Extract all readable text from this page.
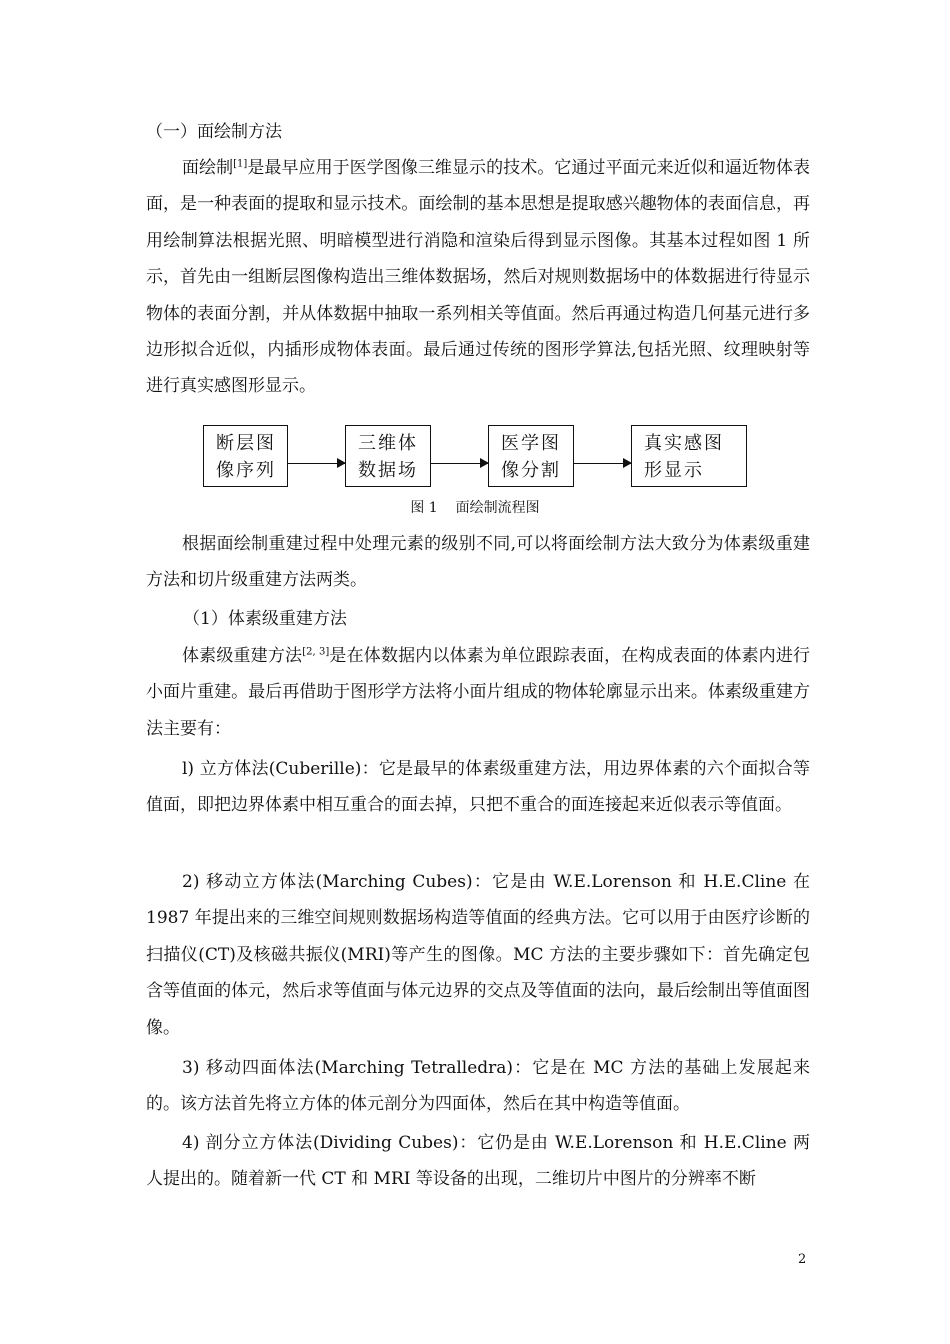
（一）面绘制方法

面绘制[1]是最早应用于医学图像三维显示的技术。它通过平面元来近似和逼近物体表面，是一种表面的提取和显示技术。面绘制的基本思想是提取感兴趣物体的表面信息，再用绘制算法根据光照、明暗模型进行消隐和渲染后得到显示图像。其基本过程如图 1 所示，首先由一组断层图像构造出三维体数据场，然后对规则数据场中的体数据进行待显示物体的表面分割，并从体数据中抽取一系列相关等值面。然后再通过构造几何基元进行多边形拟合近似，内插形成物体表面。最后通过传统的图形学算法,包括光照、纹理映射等进行真实感图形显示。

断层图
像序列
三维体
数据场
医学图
像分割
真实感图
形显示
图 1 面绘制流程图

根据面绘制重建过程中处理元素的级别不同,可以将面绘制方法大致分为体素级重建方法和切片级重建方法两类。

（1）体素级重建方法

体素级重建方法[2, 3]是在体数据内以体素为单位跟踪表面，在构成表面的体素内进行小面片重建。最后再借助于图形学方法将小面片组成的物体轮廓显示出来。体素级重建方法主要有：

l) 立方体法(Cuberille)：它是最早的体素级重建方法，用边界体素的六个面拟合等值面，即把边界体素中相互重合的面去掉，只把不重合的面连接起来近似表示等值面。

2) 移动立方体法(Marching Cubes)：它是由 W.E.Lorenson 和 H.E.Cline 在 1987 年提出来的三维空间规则数据场构造等值面的经典方法。它可以用于由医疗诊断的扫描仪(CT)及核磁共振仪(MRI)等产生的图像。MC 方法的主要步骤如下：首先确定包含等值面的体元，然后求等值面与体元边界的交点及等值面的法向，最后绘制出等值面图像。

3) 移动四面体法(Marching Tetralledra)：它是在 MC 方法的基础上发展起来的。该方法首先将立方体的体元剖分为四面体，然后在其中构造等值面。

4) 剖分立方体法(Dividing Cubes)：它仍是由 W.E.Lorenson 和 H.E.Cline 两人提出的。随着新一代 CT 和 MRI 等设备的出现，二维切片中图片的分辨率不断

2
